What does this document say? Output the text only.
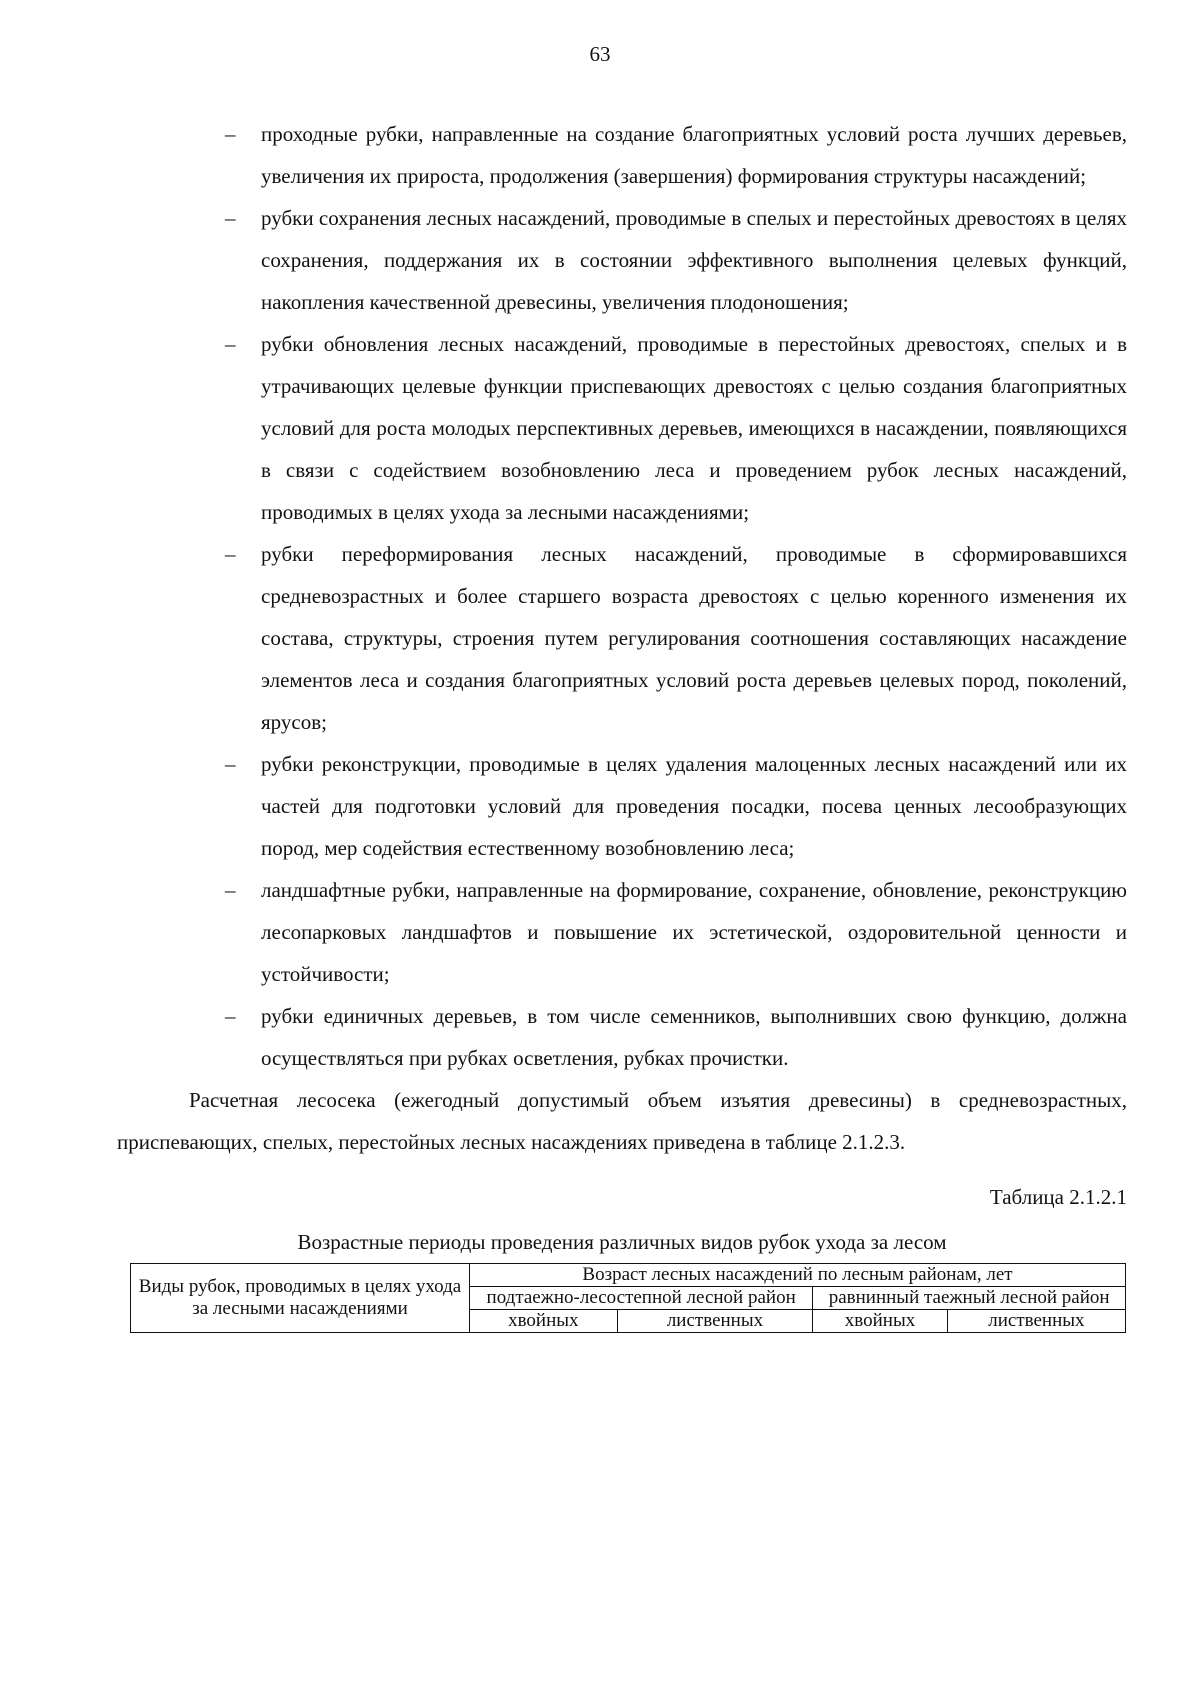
63
– проходные рубки, направленные на создание благоприятных условий роста лучших деревьев, увеличения их прироста, продолжения (завершения) формирования структуры насаждений;
– рубки сохранения лесных насаждений, проводимые в спелых и перестойных древостоях в целях сохранения, поддержания их в состоянии эффективного выполнения целевых функций, накопления качественной древесины, увеличения плодоношения;
– рубки обновления лесных насаждений, проводимые в перестойных древостоях, спелых и в утрачивающих целевые функции приспевающих древостоях с целью создания благоприятных условий для роста молодых перспективных деревьев, имеющихся в насаждении, появляющихся в связи с содействием возобновлению леса и проведением рубок лесных насаждений, проводимых в целях ухода за лесными насаждениями;
– рубки переформирования лесных насаждений, проводимые в сформировавшихся средневозрастных и более старшего возраста древостоях с целью коренного изменения их состава, структуры, строения путем регулирования соотношения составляющих насаждение элементов леса и создания благоприятных условий роста деревьев целевых пород, поколений, ярусов;
– рубки реконструкции, проводимые в целях удаления малоценных лесных насаждений или их частей для подготовки условий для проведения посадки, посева ценных лесообразующих пород, мер содействия естественному возобновлению леса;
– ландшафтные рубки, направленные на формирование, сохранение, обновление, реконструкцию лесопарковых ландшафтов и повышение их эстетической, оздоровительной ценности и устойчивости;
– рубки единичных деревьев, в том числе семенников, выполнивших свою функцию, должна осуществляться при рубках осветления, рубках прочистки.

Расчетная лесосека (ежегодный допустимый объем изъятия древесины) в средневозрастных, приспевающих, спелых, перестойных лесных насаждениях приведена в таблице 2.1.2.3.

Таблица 2.1.2.1
Возрастные периоды проведения различных видов рубок ухода за лесом
Виды рубок, проводимых в целях ухода за лесными насаждениями	Возраст лесных насаждений по лесным районам, лет			
	подтаежно-лесостепной лесной район		равнинный таежный лесной район	
	хвойных	лиственных	хвойных	лиственных
